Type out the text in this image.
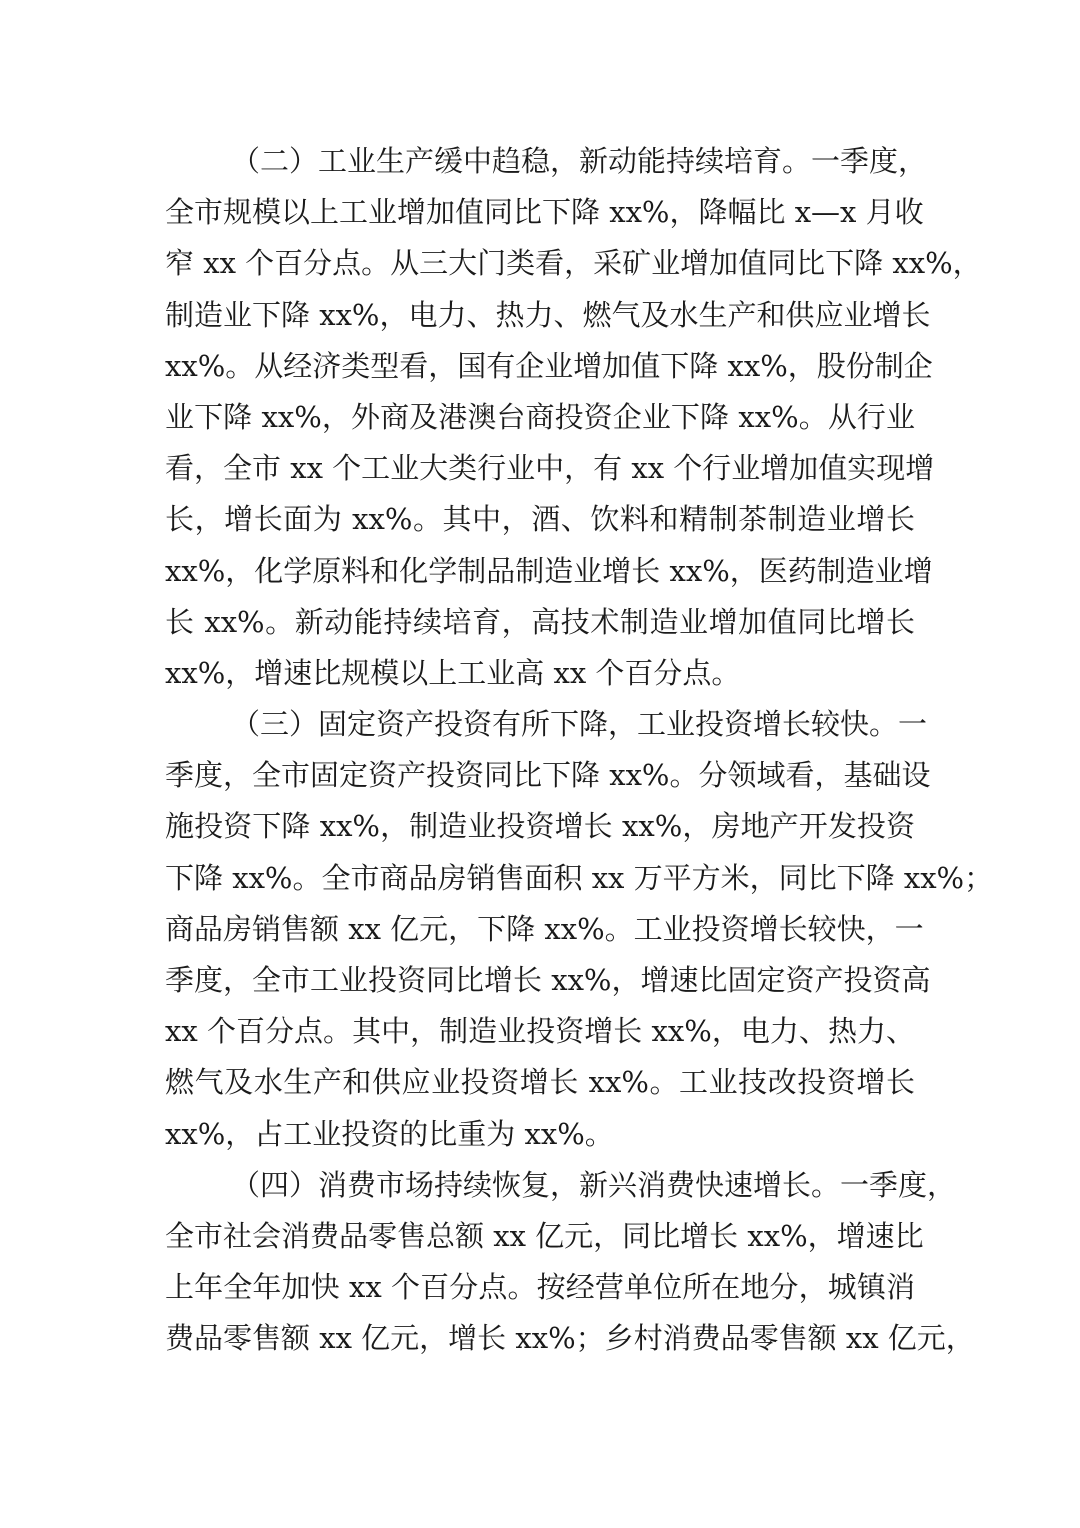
（二）工业生产缓中趋稳，新动能持续培育。一季度，
全市规模以上工业增加值同比下降 xx%，降幅比 x—x 月收
窄 xx 个百分点。从三大门类看，采矿业增加值同比下降 xx%，
制造业下降 xx%，电力、热力、燃气及水生产和供应业增长
xx%。从经济类型看，国有企业增加值下降 xx%，股份制企
业下降 xx%，外商及港澳台商投资企业下降 xx%。从行业
看，全市 xx 个工业大类行业中，有 xx 个行业增加值实现增
长，增长面为 xx%。其中，酒、饮料和精制茶制造业增长
xx%，化学原料和化学制品制造业增长 xx%，医药制造业增
长 xx%。新动能持续培育，高技术制造业增加值同比增长
xx%，增速比规模以上工业高 xx 个百分点。
（三）固定资产投资有所下降，工业投资增长较快。一
季度，全市固定资产投资同比下降 xx%。分领域看，基础设
施投资下降 xx%，制造业投资增长 xx%，房地产开发投资
下降 xx%。全市商品房销售面积 xx 万平方米，同比下降 xx%；
商品房销售额 xx 亿元，下降 xx%。工业投资增长较快，一
季度，全市工业投资同比增长 xx%，增速比固定资产投资高
xx 个百分点。其中，制造业投资增长 xx%，电力、热力、
燃气及水生产和供应业投资增长 xx%。工业技改投资增长
xx%，占工业投资的比重为 xx%。
（四）消费市场持续恢复，新兴消费快速增长。一季度，
全市社会消费品零售总额 xx 亿元，同比增长 xx%，增速比
上年全年加快 xx 个百分点。按经营单位所在地分，城镇消
费品零售额 xx 亿元，增长 xx%；乡村消费品零售额 xx 亿元，
